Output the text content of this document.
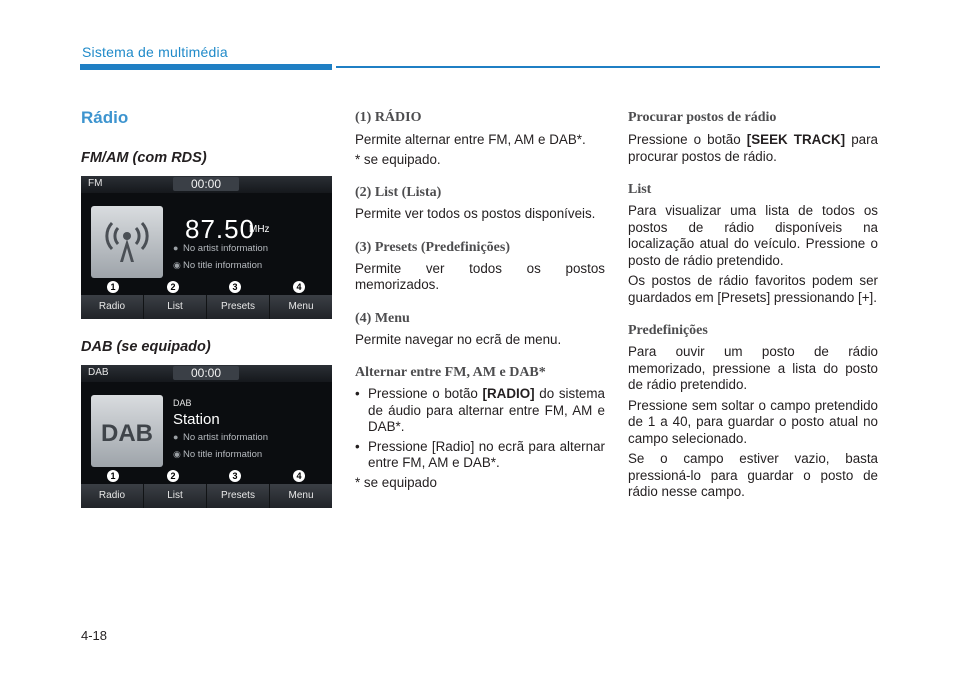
Sistema de multimédia
Rádio
FM/AM (com RDS)
FM	00:00
87.50
MHz
● No artist information
◉ No title information
1	2	3	4
Radio	List	Presets	Menu
DAB (se equipado)
DAB	00:00
DAB
DAB
Station
● No artist information
◉ No title information
1	2	3	4
Radio	List	Presets	Menu
(1) RÁDIO
Permite alternar entre FM, AM e DAB*.
* se equipado.
(2) List (Lista)
Permite ver todos os postos disponíveis.
(3) Presets (Predefinições)
Permite ver todos os postos memorizados.
(4) Menu
Permite navegar no ecrã de menu.
Alternar entre FM, AM e DAB*
• Pressione o botão [RADIO] do sistema de áudio para alternar entre FM, AM e DAB*.
• Pressione [Radio] no ecrã para alternar entre FM, AM e DAB*.
* se equipado
Procurar postos de rádio
Pressione o botão [SEEK TRACK] para procurar postos de rádio.
List
Para visualizar uma lista de todos os postos de rádio disponíveis na localização atual do veículo. Pressione o posto de rádio pretendido.
Os postos de rádio favoritos podem ser guardados em [Presets] pressionando [+].
Predefinições
Para ouvir um posto de rádio memorizado, pressione a lista do posto de rádio pretendido.
Pressione sem soltar o campo pretendido de 1 a 40, para guardar o posto atual no campo selecionado.
Se o campo estiver vazio, basta pressioná-lo para guardar o posto de rádio nesse campo.
4-18
